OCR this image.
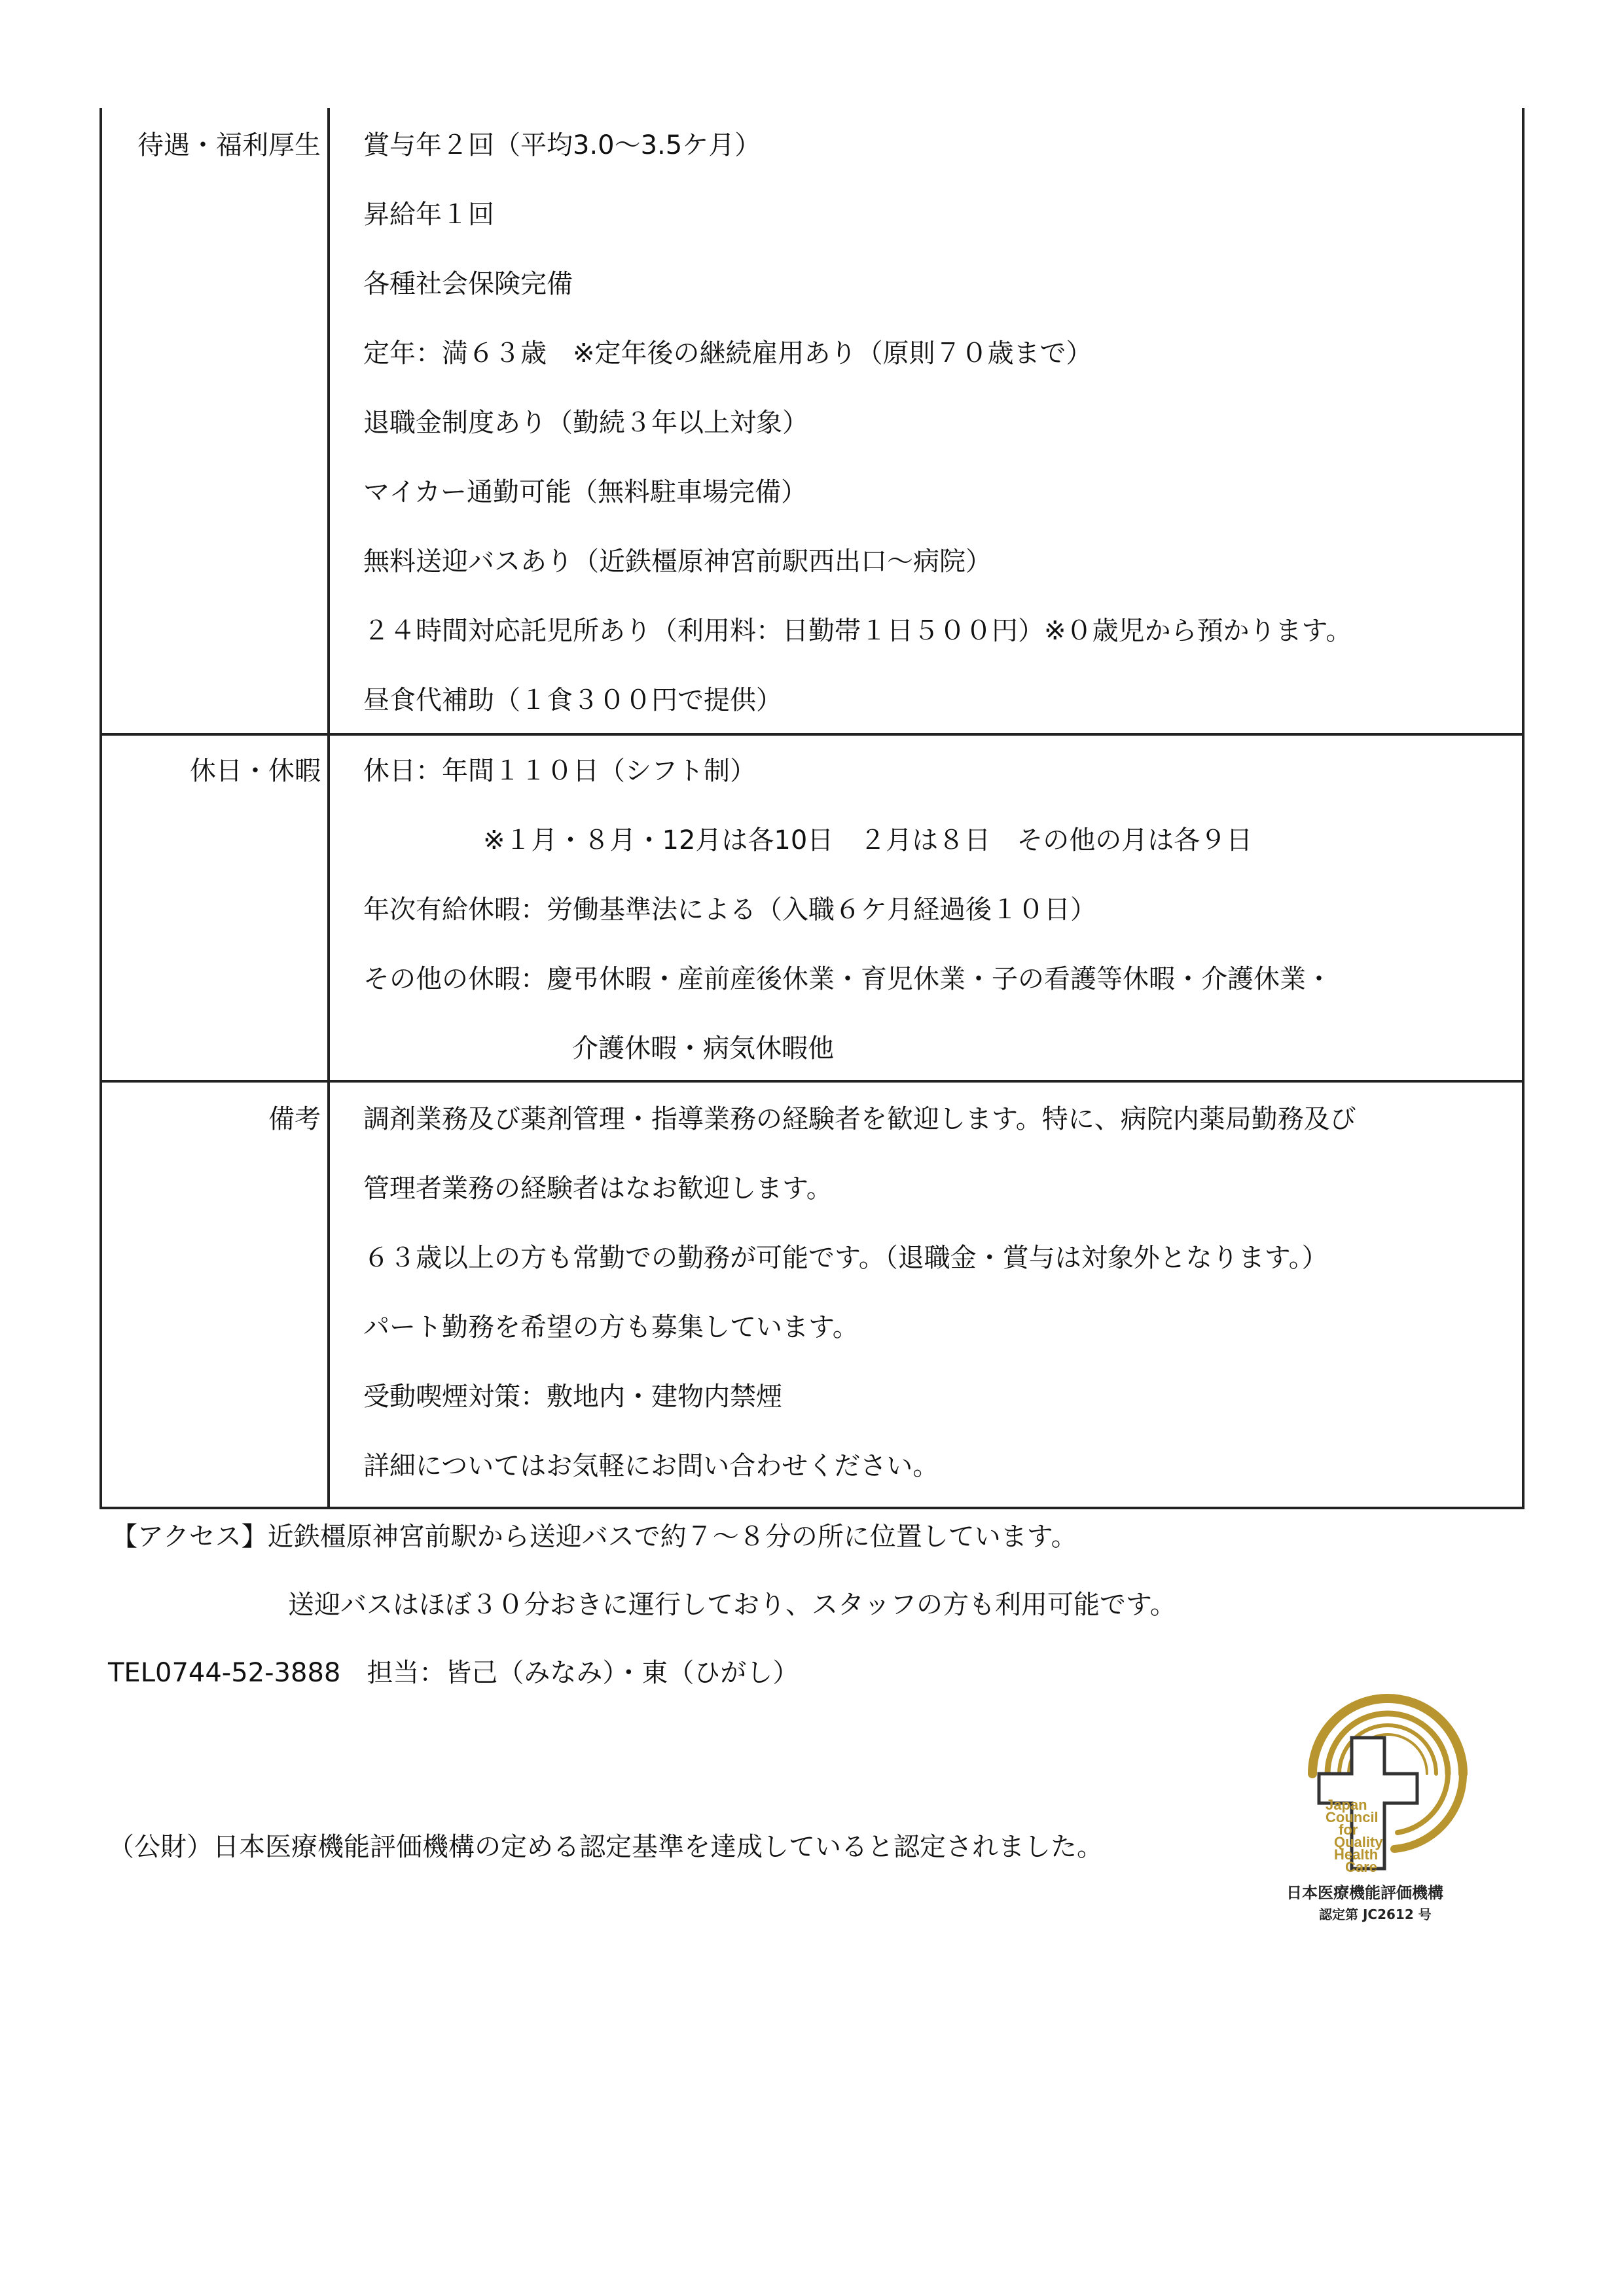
待遇・福利厚生 賞与年２回（平均3.0～3.5ケ月）
昇給年１回
各種社会保険完備
定年：満６３歳　※定年後の継続雇用あり（原則７０歳まで）
退職金制度あり（勤続３年以上対象）
マイカー通勤可能（無料駐車場完備）
無料送迎バスあり（近鉄橿原神宮前駅西出口～病院）
２４時間対応託児所あり（利用料：日勤帯１日５００円）※０歳児から預かります。
昼食代補助（１食３００円で提供）
休日・休暇 休日：年間１１０日（シフト制）
※１月・８月・12月は各10日　２月は８日　その他の月は各９日
年次有給休暇：労働基準法による（入職６ケ月経過後１０日）
その他の休暇：慶弔休暇・産前産後休業・育児休業・子の看護等休暇・介護休業・
介護休暇・病気休暇他
備考 調剤業務及び薬剤管理・指導業務の経験者を歓迎します。特に、病院内薬局勤務及び
管理者業務の経験者はなお歓迎します。
６３歳以上の方も常勤での勤務が可能です。（退職金・賞与は対象外となります。）
パート勤務を希望の方も募集しています。
受動喫煙対策：敷地内・建物内禁煙
詳細についてはお気軽にお問い合わせください。
【アクセス】近鉄橿原神宮前駅から送迎バスで約７～８分の所に位置しています。
送迎バスはほぼ３０分おきに運行しており、スタッフの方も利用可能です。
TEL0744-52-3888　担当：皆己（みなみ）・東（ひがし）
（公財）日本医療機能評価機構の定める認定基準を達成していると認定されました。
Japan
Council
for
Quality
Health
Care
日本医療機能評価機構
認定第 JC2612 号
